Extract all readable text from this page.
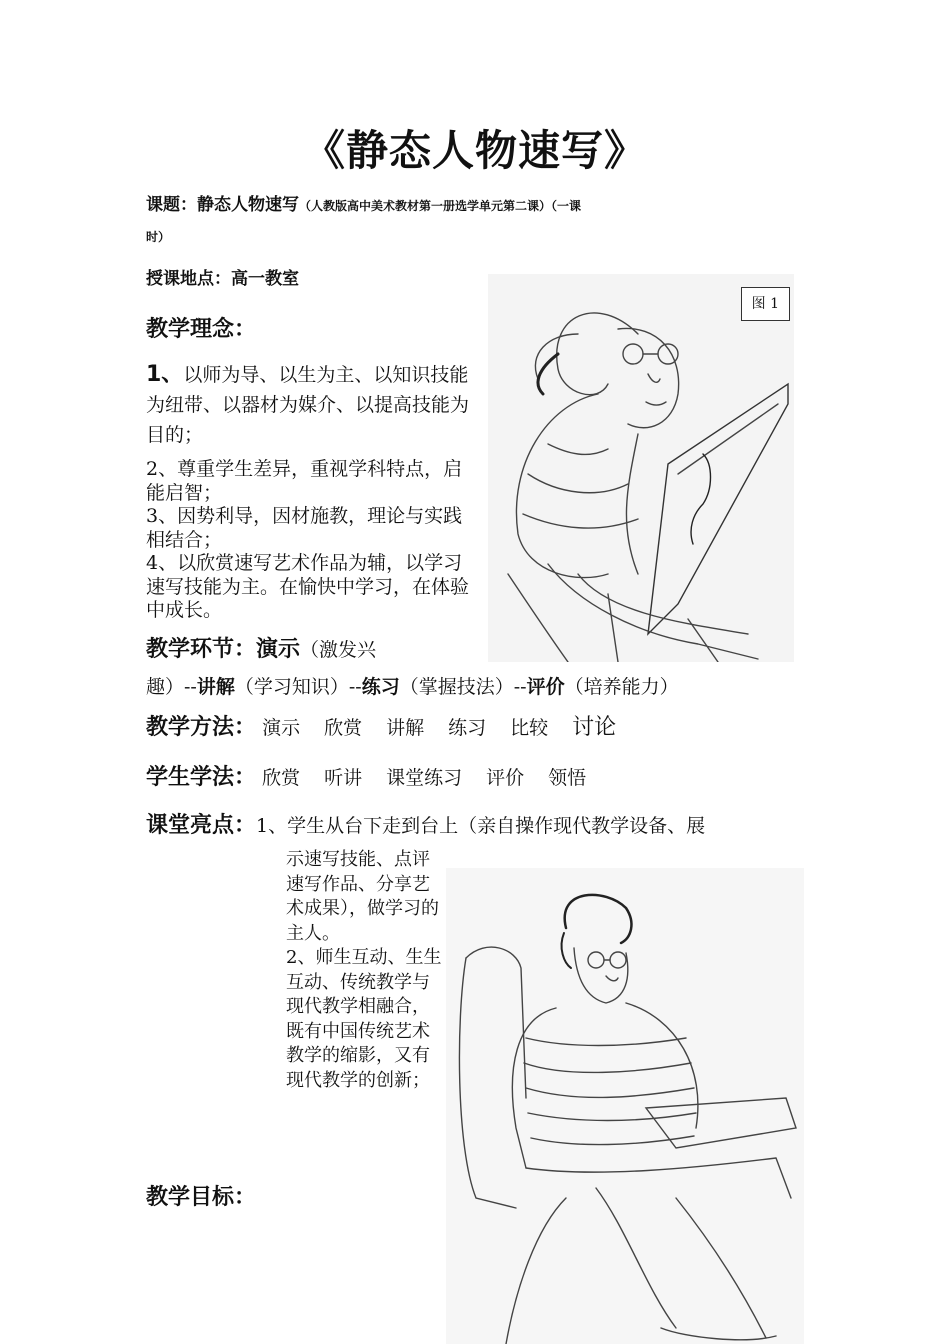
《静态人物速写》
课题：静态人物速写（人教版高中美术教材第一册选学单元第二课）（一课
时）
授课地点：高一教室
教学理念：

1、以师为导、以生为主、以知识技能为纽带、以器材为媒介、以提高技能为目的；

2、尊重学生差异，重视学科特点，启能启智；

3、因势利导，因材施教，理论与实践相结合；

4、以欣赏速写艺术作品为辅，以学习速写技能为主。在愉快中学习，在体验中成长。

图 1
教学环节：演示（激发兴
趣）--讲解（学习知识）--练习（掌握技法）--评价（培养能力）
教学方法： 演示 欣赏 讲解 练习 比较 讨论
学生学法： 欣赏 听讲 课堂练习 评价 领悟
课堂亮点：1、学生从台下走到台上（亲自操作现代教学设备、展

示速写技能、点评速写作品、分享艺术成果），做学习的主人。

2、师生互动、生生互动、传统教学与现代教学相融合，既有中国传统艺术教学的缩影，又有现代教学的创新；

教学目标：
